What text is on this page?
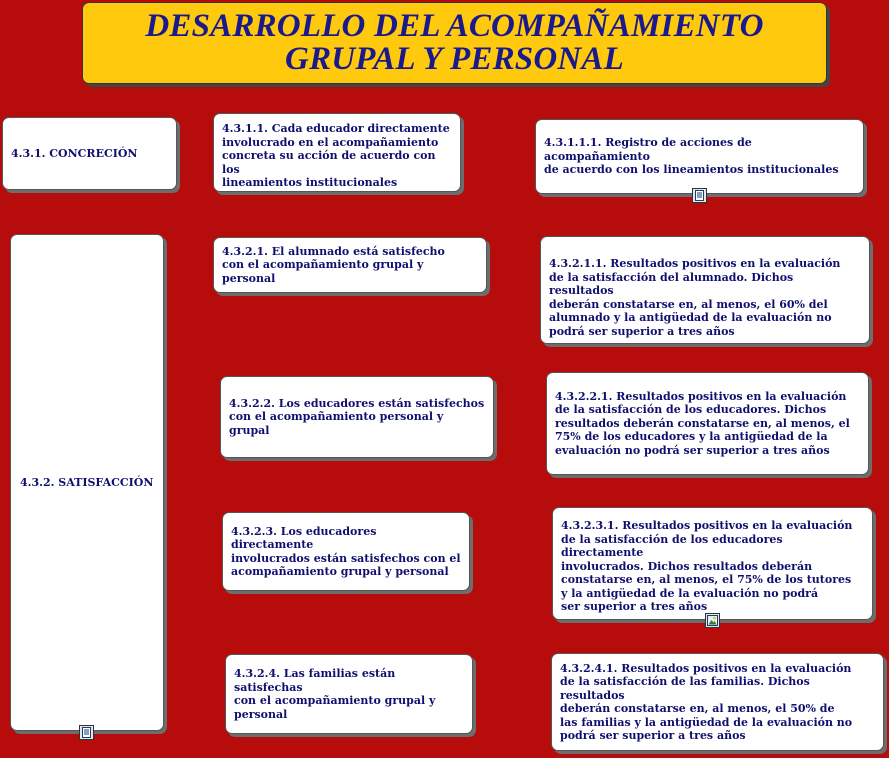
DESARROLLO DEL ACOMPAÑAMIENTO
GRUPAL Y PERSONAL
4.3.1. CONCRECIÓN
4.3.1.1. Cada educador directamente
involucrado en el acompañamiento
concreta su acción de acuerdo con los
lineamientos institucionales
4.3.1.1.1. Registro de acciones de acompañamiento
de acuerdo con los lineamientos institucionales
4.3.2. SATISFACCIÓN
4.3.2.1. El alumnado está satisfecho
con el acompañamiento grupal y personal
4.3.2.1.1. Resultados positivos en la evaluación
de la satisfacción del alumnado. Dichos resultados
deberán constatarse en, al menos, el 60% del
alumnado y la antigüedad de la evaluación no
podrá ser superior a tres años
4.3.2.2. Los educadores están satisfechos
con el acompañamiento personal y grupal
4.3.2.2.1. Resultados positivos en la evaluación
de la satisfacción de los educadores. Dichos
resultados deberán constatarse en, al menos, el
75% de los educadores y la antigüedad de la
evaluación no podrá ser superior a tres años
4.3.2.3. Los educadores directamente
involucrados están satisfechos con el
acompañamiento grupal y personal
4.3.2.3.1. Resultados positivos en la evaluación
de la satisfacción de los educadores directamente
involucrados. Dichos resultados deberán
constatarse en, al menos, el 75% de los tutores
y la antigüedad de la evaluación no podrá
ser superior a tres años
4.3.2.4. Las familias están satisfechas
con el acompañamiento grupal y
personal
4.3.2.4.1. Resultados positivos en la evaluación
de la satisfacción de las familias. Dichos resultados
deberán constatarse en, al menos, el 50% de
las familias y la antigüedad de la evaluación no
podrá ser superior a tres años
